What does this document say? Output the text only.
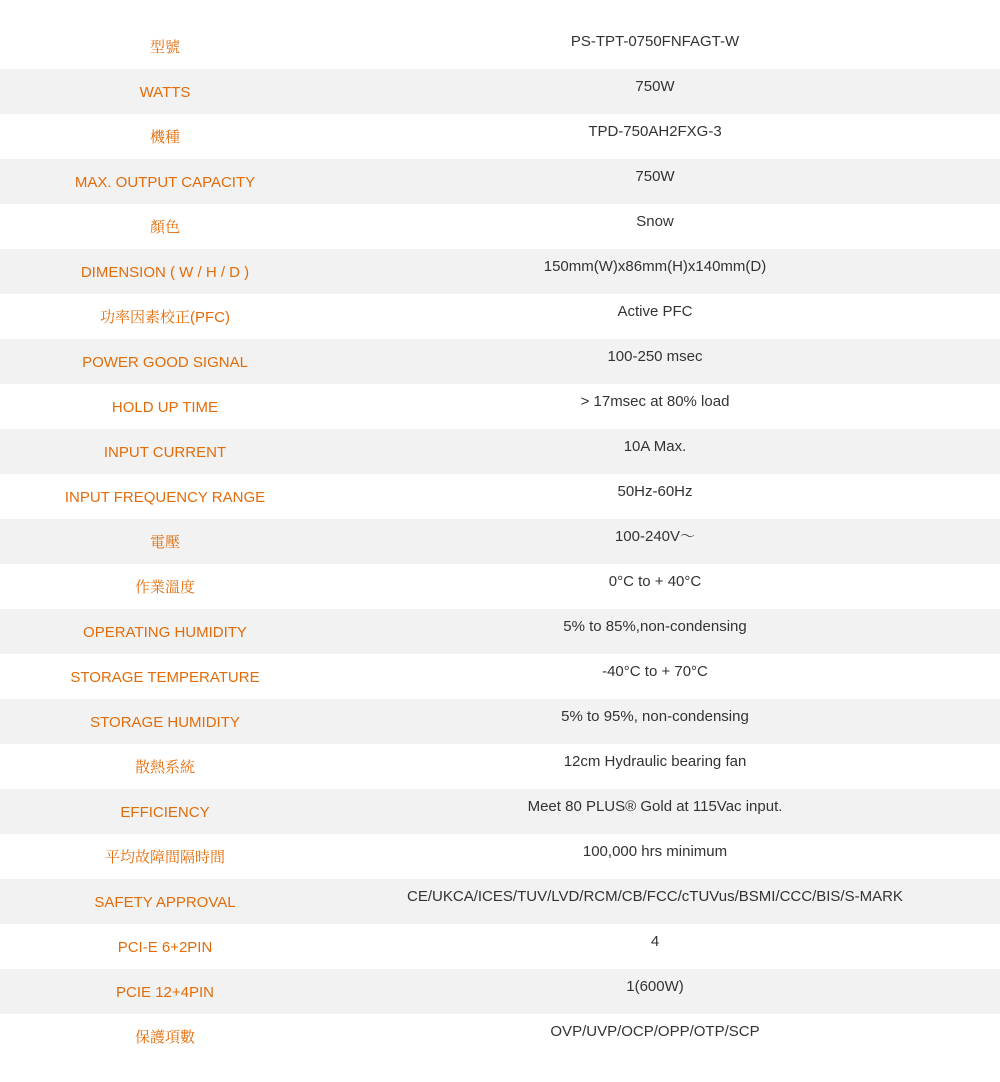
型號	PS-TPT-0750FNFAGT-W
WATTS	750W
機種	TPD-750AH2FXG-3
MAX. OUTPUT CAPACITY	750W
顏色	Snow
DIMENSION ( W / H / D )	150mm(W)x86mm(H)x140mm(D)
功率因素校正(PFC)	Active PFC
POWER GOOD SIGNAL	100-250 msec
HOLD UP TIME	> 17msec at 80% load
INPUT CURRENT	10A Max.
INPUT FREQUENCY RANGE	50Hz-60Hz
電壓	100-240V～
作業溫度	0°C to + 40°C
OPERATING HUMIDITY	5% to 85%,non-condensing
STORAGE TEMPERATURE	-40°C to + 70°C
STORAGE HUMIDITY	5% to 95%, non-condensing
散熱系統	12cm Hydraulic bearing fan
EFFICIENCY	Meet 80 PLUS® Gold at 115Vac input.
平均故障間隔時間	100,000 hrs minimum
SAFETY APPROVAL	CE/UKCA/ICES/TUV/LVD/RCM/CB/FCC/cTUVus/BSMI/CCC/BIS/S-MARK
PCI-E 6+2PIN	4
PCIE 12+4PIN	1(600W)
保護項數	OVP/UVP/OCP/OPP/OTP/SCP
